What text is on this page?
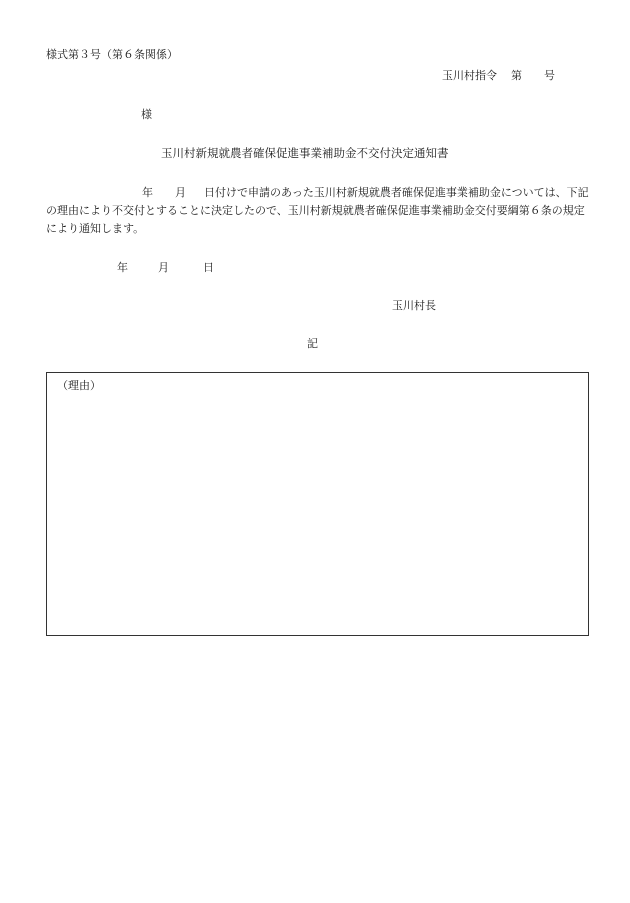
様式第３号（第６条関係）
玉川村指令 第 号
様
玉川村新規就農者確保促進事業補助金不交付決定通知書
年 月 日付けで申請のあった玉川村新規就農者確保促進事業補助金については、下記の理由により不交付とすることに決定したので、玉川村新規就農者確保促進事業補助金交付要綱第６条の規定により通知します。
年	月	日
玉川村長
記
（理由）
